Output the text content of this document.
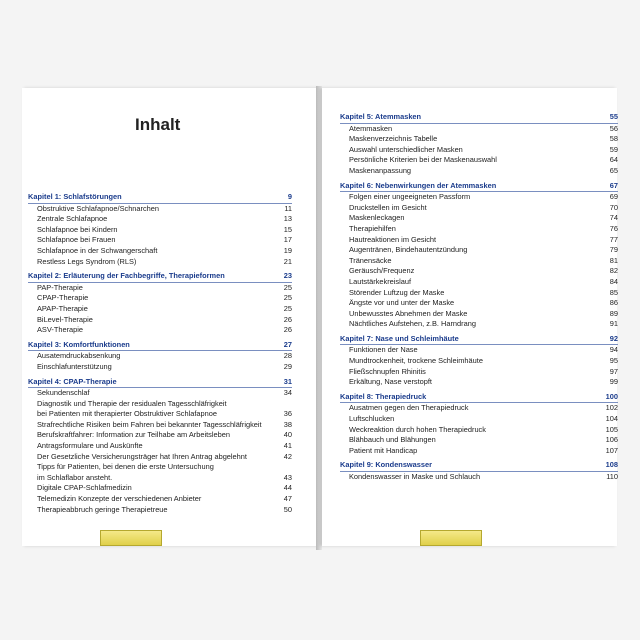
Inhalt
Kapitel 1: Schlafstörungen	9
Obstruktive Schlafapnoe/Schnarchen	11
Zentrale Schlafapnoe	13
Schlafapnoe bei Kindern	15
Schlafapnoe bei Frauen	17
Schlafapnoe in der Schwangerschaft	19
Restless Legs Syndrom (RLS)	21
Kapitel 2: Erläuterung der Fachbegriffe, Therapieformen	23
PAP-Therapie	25
CPAP-Therapie	25
APAP-Therapie	25
BiLevel-Therapie	26
ASV-Therapie	26
Kapitel 3: Komfortfunktionen	27
Ausatemdruckabsenkung	28
Einschlafunterstützung	29
Kapitel 4: CPAP-Therapie	31
Sekundenschlaf	34
Diagnostik und Therapie der residualen Tagesschläfrigkeit
bei Patienten mit therapierter Obstruktiver Schlafapnoe	36
Strafrechtliche Risiken beim Fahren bei bekannter Tagesschläfrigkeit	38
Berufskraftfahrer: Information zur Teilhabe am Arbeitsleben	40
Antragsformulare und Auskünfte	41
Der Gesetzliche Versicherungsträger hat Ihren Antrag abgelehnt	42
Tipps für Patienten, bei denen die erste Untersuchung
im Schlaflabor ansteht.	43
Digitale CPAP-Schlafmedizin	44
Telemedizin Konzepte der verschiedenen Anbieter	47
Therapieabbruch geringe Therapietreue	50
Kapitel 5: Atemmasken	55
Atemmasken	56
Maskenverzeichnis Tabelle	58
Auswahl unterschiedlicher Masken	59
Persönliche Kriterien bei der Maskenauswahl	64
Maskenanpassung	65
Kapitel 6: Nebenwirkungen der Atemmasken	67
Folgen einer ungeeigneten Passform	69
Druckstellen im Gesicht	70
Maskenleckagen	74
Therapiehilfen	76
Hautreaktionen im Gesicht	77
Augentränen, Bindehautentzündung	79
Tränensäcke	81
Geräusch/Frequenz	82
Lautstärkekreislauf	84
Störender Luftzug der Maske	85
Ängste vor und unter der Maske	86
Unbewusstes Abnehmen der Maske	89
Nächtliches Aufstehen, z.B. Harndrang	91
Kapitel 7: Nase und Schleimhäute	92
Funktionen der Nase	94
Mundtrockenheit, trockene Schleimhäute	95
Fließschnupfen Rhinitis	97
Erkältung, Nase verstopft	99
Kapitel 8: Therapiedruck	100
Ausatmen gegen den Therapiedruck	102
Luftschlucken	104
Weckreaktion durch hohen Therapiedruck	105
Blähbauch und Blähungen	106
Patient mit Handicap	107
Kapitel 9: Kondenswasser	108
Kondenswasser in Maske und Schlauch	110
